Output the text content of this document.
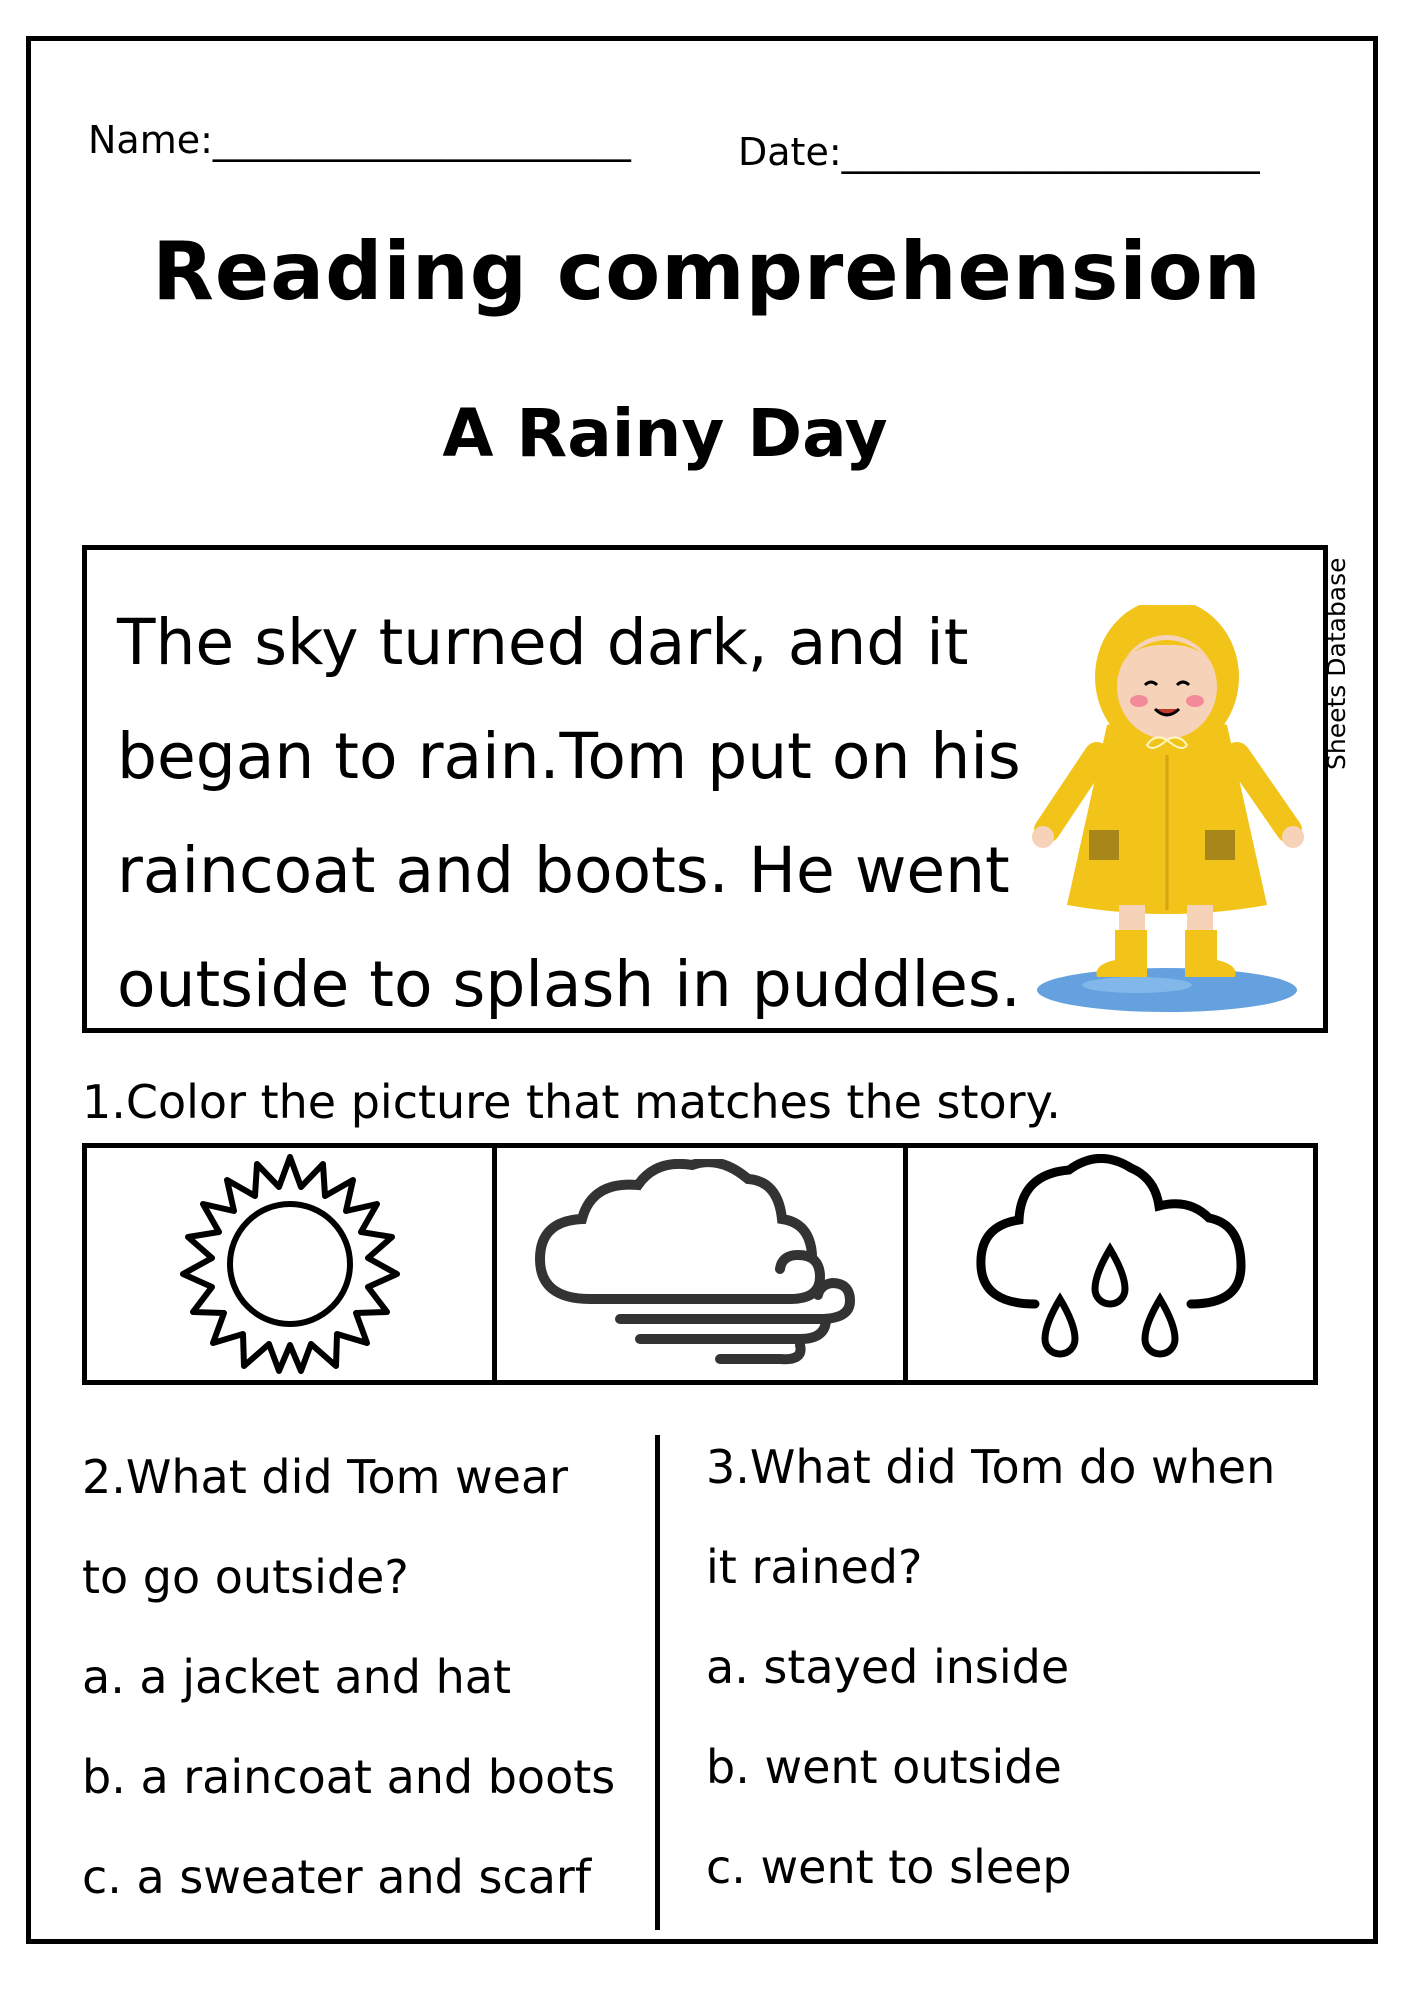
Name:______________________	Date:______________________
Reading comprehension
A Rainy Day
The sky turned dark, and it
began to rain.Tom put on his
raincoat and boots. He went
outside to splash in puddles.
Sheets Database
1.Color the picture that matches the story.
2.What did Tom wear
to go outside?
a. a jacket and hat
b. a raincoat and boots
c. a sweater and scarf
3.What did Tom do when
it rained?
a. stayed inside
b. went outside
c. went to sleep
